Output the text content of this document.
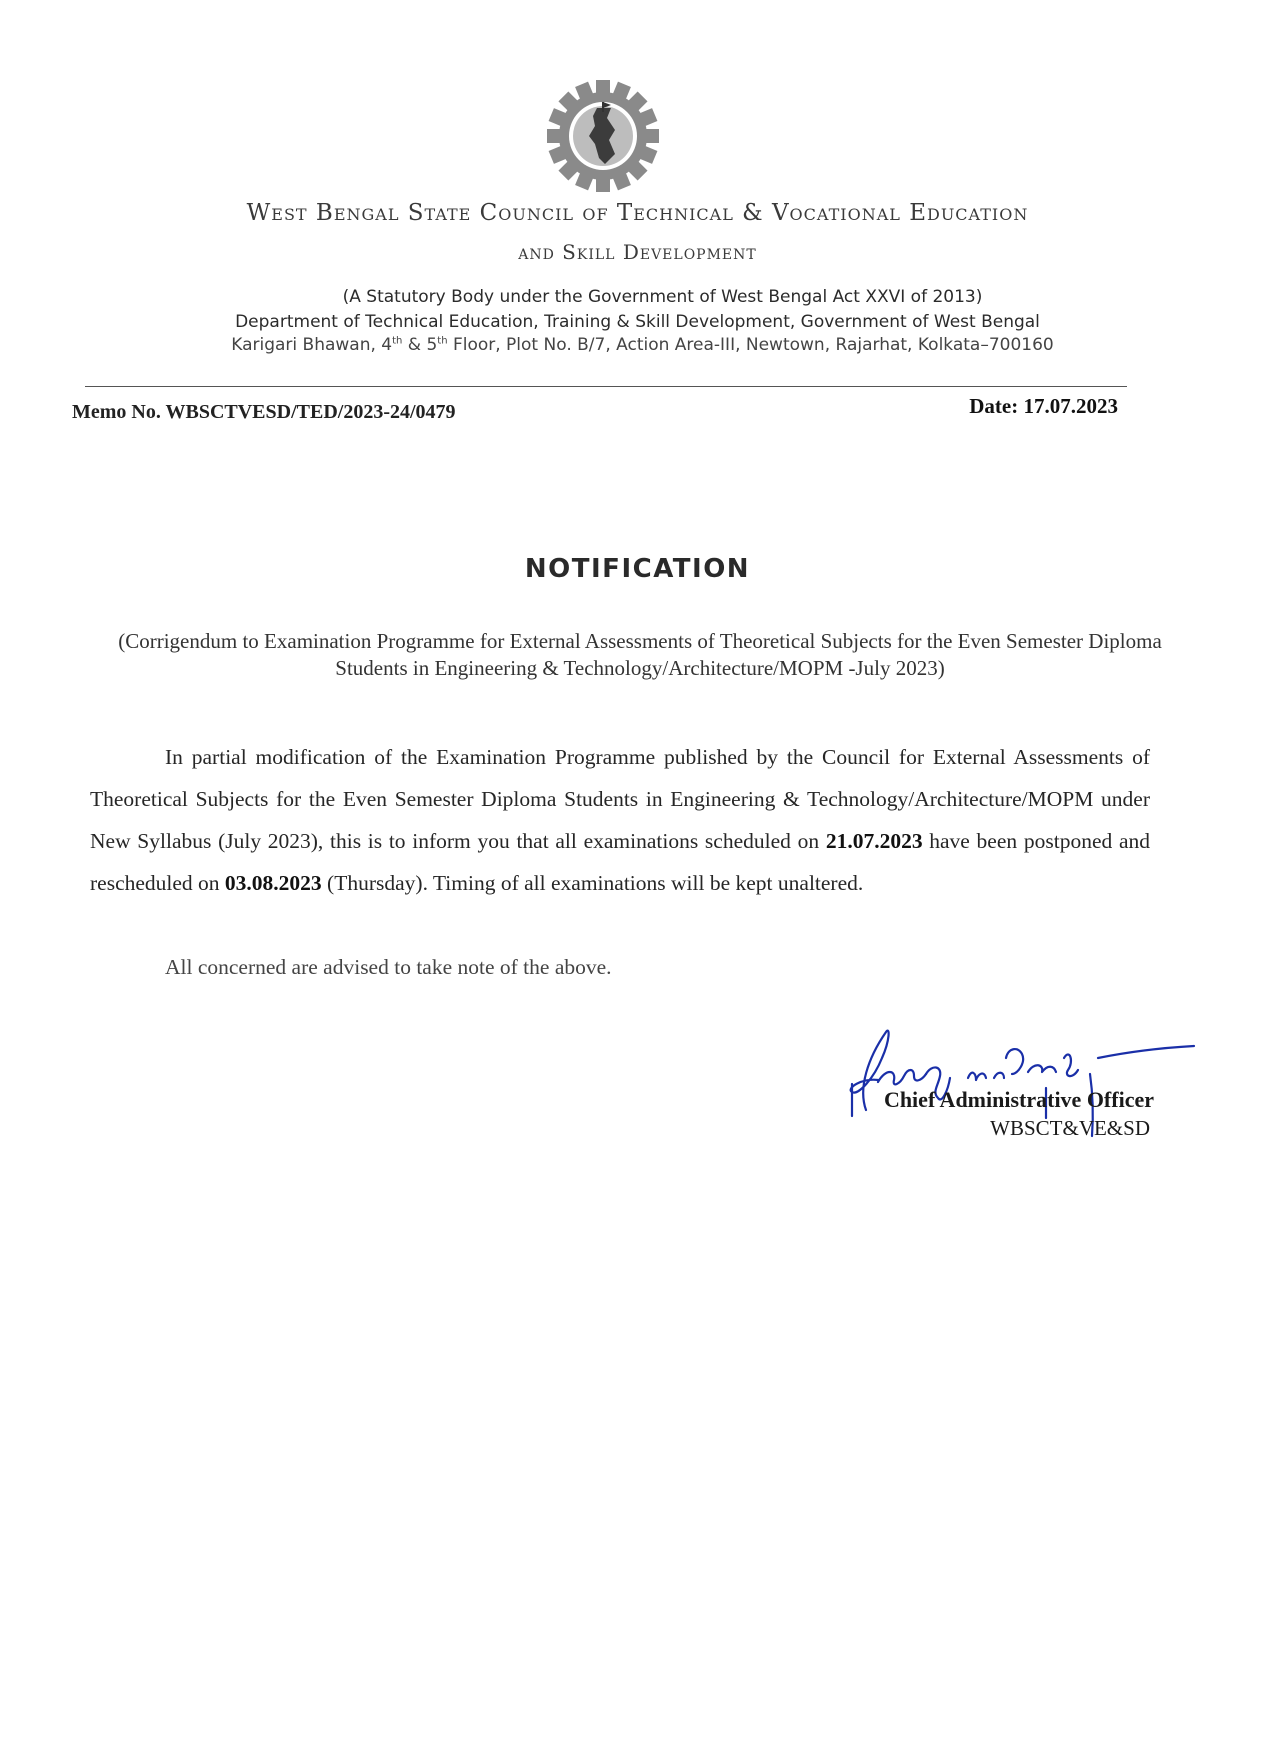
West Bengal State Council of Technical & Vocational Education
and Skill Development
(A Statutory Body under the Government of West Bengal Act XXVI of 2013)
Department of Technical Education, Training & Skill Development, Government of West Bengal
Karigari Bhawan, 4th & 5th Floor, Plot No. B/7, Action Area-III, Newtown, Rajarhat, Kolkata–700160
Memo No. WBSCTVESD/TED/2023-24/0479	Date: 17.07.2023
NOTIFICATION
(Corrigendum to Examination Programme for External Assessments of Theoretical Subjects for the Even Semester Diploma Students in Engineering & Technology/Architecture/MOPM -July 2023)
In partial modification of the Examination Programme published by the Council for External Assessments of Theoretical Subjects for the Even Semester Diploma Students in Engineering & Technology/Architecture/MOPM under New Syllabus (July 2023), this is to inform you that all examinations scheduled on 21.07.2023 have been postponed and rescheduled on 03.08.2023 (Thursday). Timing of all examinations will be kept unaltered.
All concerned are advised to take note of the above.
Chief Administrative Officer
WBSCT&VE&SD
